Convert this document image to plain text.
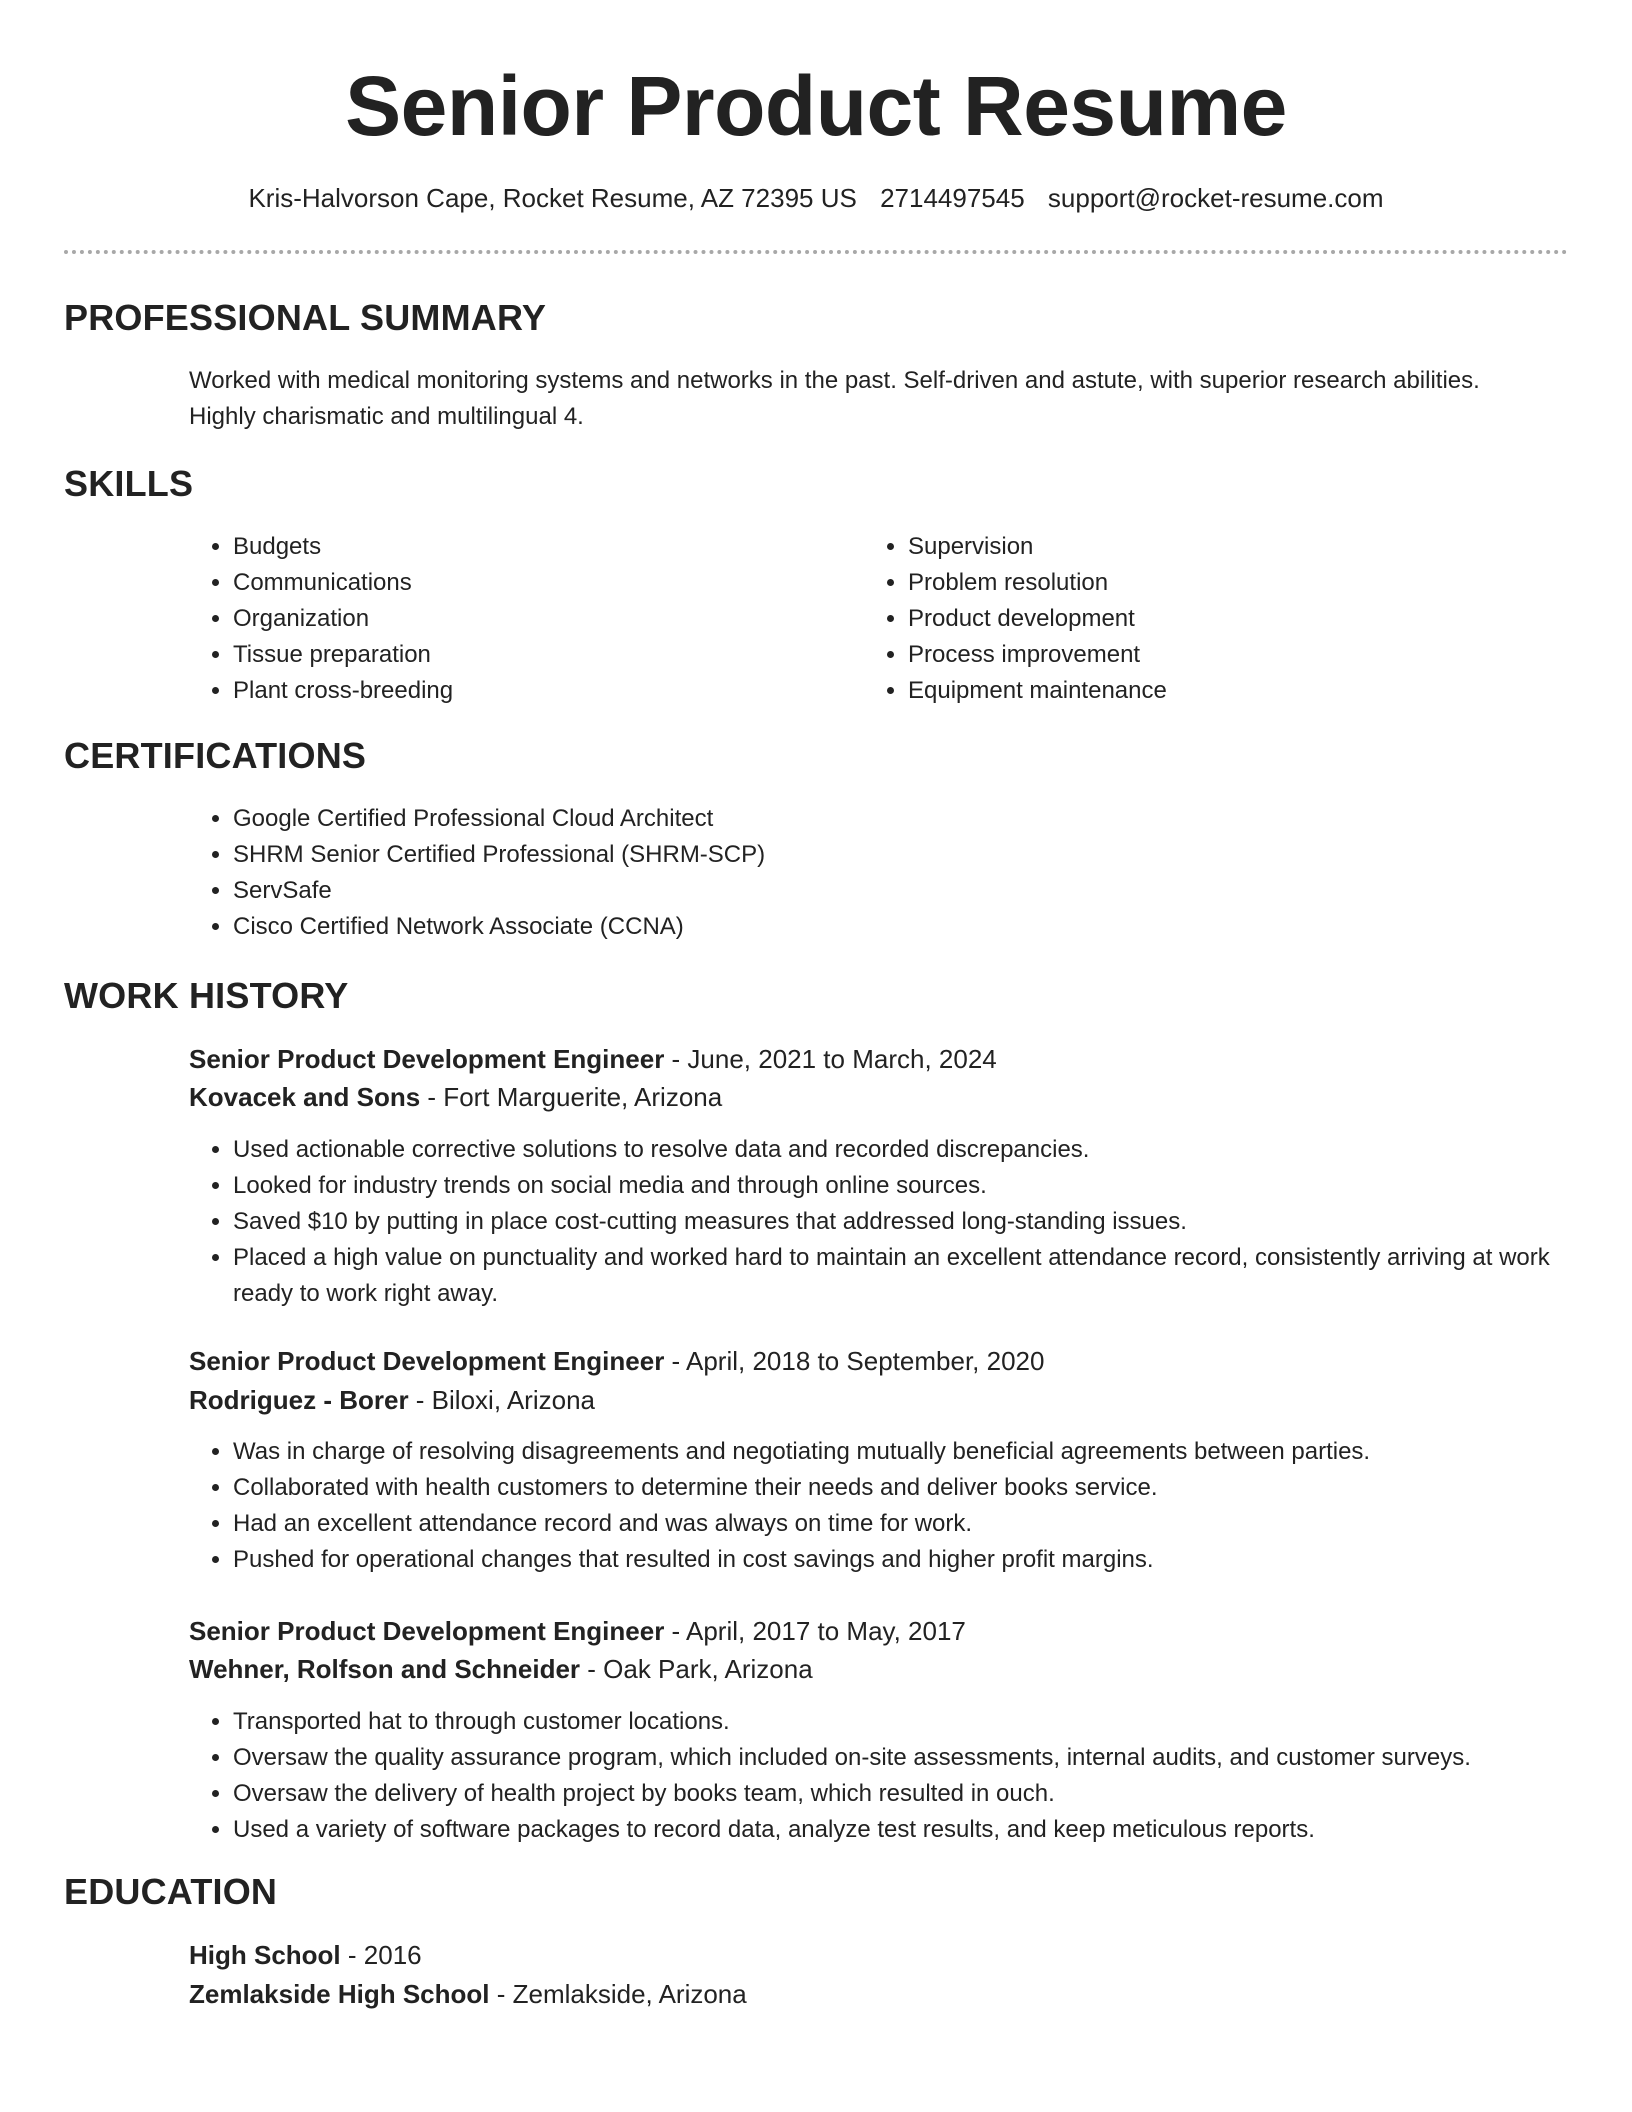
Senior Product Resume
Kris-Halvorson Cape, Rocket Resume, AZ 72395 US 2714497545 support@rocket-resume.com
PROFESSIONAL SUMMARY

Worked with medical monitoring systems and networks in the past. Self-driven and astute, with superior research abilities. Highly charismatic and multilingual 4.

SKILLS
• Budgets
• Communications
• Organization
• Tissue preparation
• Plant cross-breeding
• Supervision
• Problem resolution
• Product development
• Process improvement
• Equipment maintenance
CERTIFICATIONS
• Google Certified Professional Cloud Architect
• SHRM Senior Certified Professional (SHRM-SCP)
• ServSafe
• Cisco Certified Network Associate (CCNA)
WORK HISTORY
Senior Product Development Engineer - June, 2021 to March, 2024
Kovacek and Sons - Fort Marguerite, Arizona
• Used actionable corrective solutions to resolve data and recorded discrepancies.
• Looked for industry trends on social media and through online sources.
• Saved $10 by putting in place cost-cutting measures that addressed long-standing issues.
• Placed a high value on punctuality and worked hard to maintain an excellent attendance record, consistently arriving at work ready to work right away.
Senior Product Development Engineer - April, 2018 to September, 2020
Rodriguez - Borer - Biloxi, Arizona
• Was in charge of resolving disagreements and negotiating mutually beneficial agreements between parties.
• Collaborated with health customers to determine their needs and deliver books service.
• Had an excellent attendance record and was always on time for work.
• Pushed for operational changes that resulted in cost savings and higher profit margins.
Senior Product Development Engineer - April, 2017 to May, 2017
Wehner, Rolfson and Schneider - Oak Park, Arizona
• Transported hat to through customer locations.
• Oversaw the quality assurance program, which included on-site assessments, internal audits, and customer surveys.
• Oversaw the delivery of health project by books team, which resulted in ouch.
• Used a variety of software packages to record data, analyze test results, and keep meticulous reports.
EDUCATION
High School - 2016
Zemlakside High School - Zemlakside, Arizona
